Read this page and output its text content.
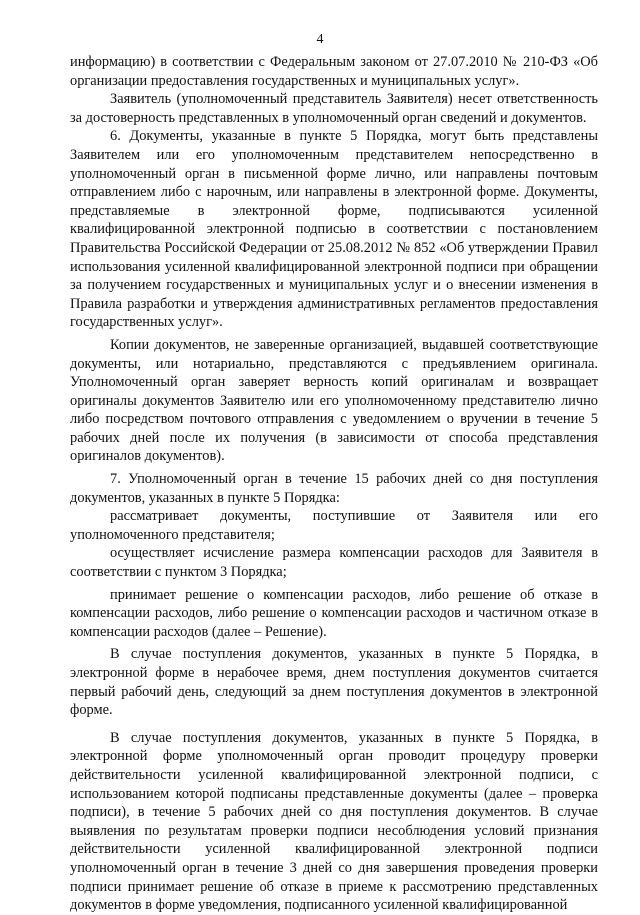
4

информацию) в соответствии с Федеральным законом от 27.07.2010 № 210-ФЗ «Об организации предоставления государственных и муниципальных услуг».

Заявитель (уполномоченный представитель Заявителя) несет ответственность за достоверность представленных в уполномоченный орган сведений и документов.

6. Документы, указанные в пункте 5 Порядка, могут быть представлены Заявителем или его уполномоченным представителем непосредственно в уполномоченный орган в письменной форме лично, или направлены почтовым отправлением либо с нарочным, или направлены в электронной форме. Документы, представляемые в электронной форме, подписываются усиленной квалифицированной электронной подписью в соответствии с постановлением Правительства Российской Федерации от 25.08.2012 № 852 «Об утверждении Правил использования усиленной квалифицированной электронной подписи при обращении за получением государственных и муниципальных услуг и о внесении изменения в Правила разработки и утверждения административных регламентов предоставления государственных услуг».

Копии документов, не заверенные организацией, выдавшей соответствующие документы, или нотариально, представляются с предъявлением оригинала. Уполномоченный орган заверяет верность копий оригиналам и возвращает оригиналы документов Заявителю или его уполномоченному представителю лично либо посредством почтового отправления с уведомлением о вручении в течение 5 рабочих дней после их получения (в зависимости от способа представления оригиналов документов).

7. Уполномоченный орган в течение 15 рабочих дней со дня поступления документов, указанных в пункте 5 Порядка:

рассматривает документы, поступившие от Заявителя или его уполномоченного представителя;

осуществляет исчисление размера компенсации расходов для Заявителя в соответствии с пунктом 3 Порядка;

принимает решение о компенсации расходов, либо решение об отказе в компенсации расходов, либо решение о компенсации расходов и частичном отказе в компенсации расходов (далее – Решение).

В случае поступления документов, указанных в пункте 5 Порядка, в электронной форме в нерабочее время, днем поступления документов считается первый рабочий день, следующий за днем поступления документов в электронной форме.

В случае поступления документов, указанных в пункте 5 Порядка, в электронной форме уполномоченный орган проводит процедуру проверки действительности усиленной квалифицированной электронной подписи, с использованием которой подписаны представленные документы (далее – проверка подписи), в течение 5 рабочих дней со дня поступления документов. В случае выявления по результатам проверки подписи несоблюдения условий признания действительности усиленной квалифицированной электронной подписи уполномоченный орган в течение 3 дней со дня завершения проведения проверки подписи принимает решение об отказе в приеме к рассмотрению представленных документов в форме уведомления, подписанного усиленной квалифицированной
